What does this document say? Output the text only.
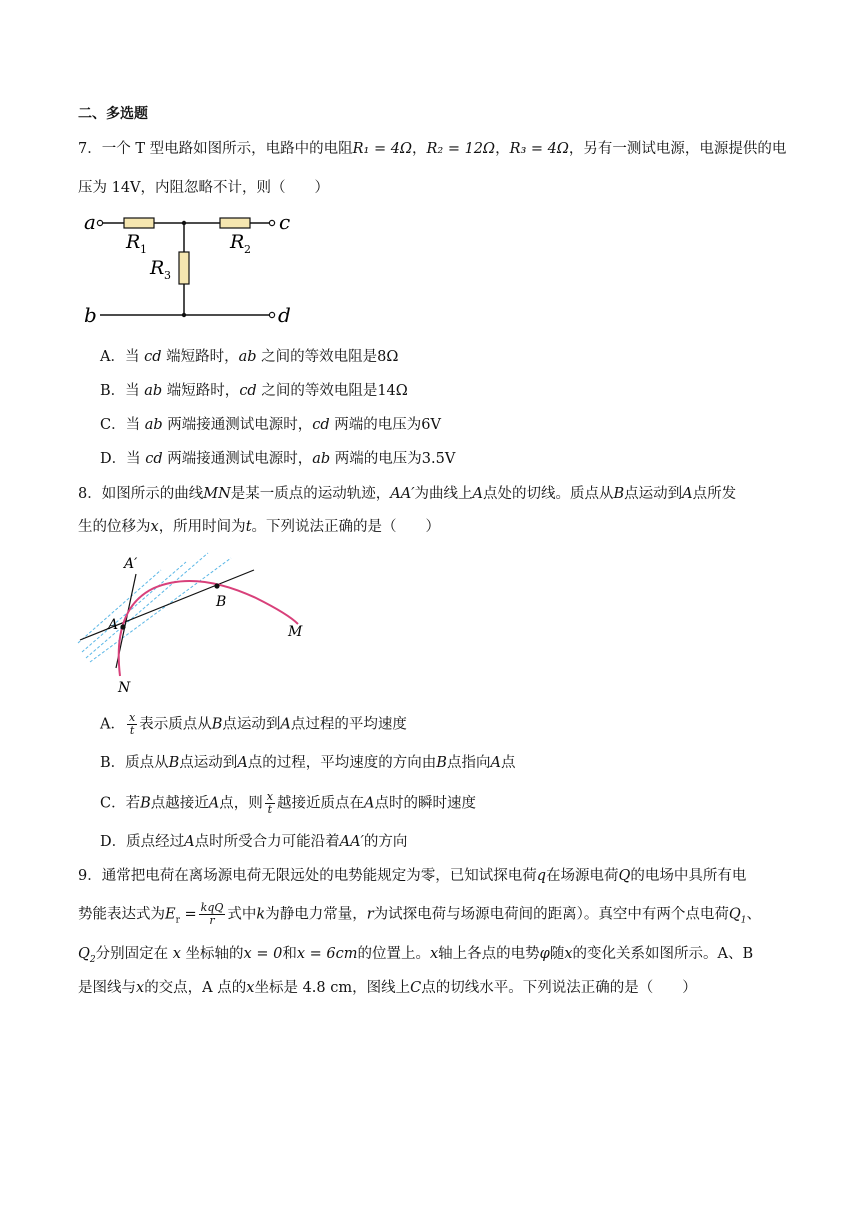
二、多选题
7．一个 T 型电路如图所示，电路中的电阻R₁ = 4Ω，R₂ = 12Ω，R₃ = 4Ω，另有一测试电源，电源提供的电
压为 14V，内阻忽略不计，则（　　）
a
b
c
d
R 1	R 2
R 3
A．当 cd 端短路时，ab 之间的等效电阻是8Ω
B．当 ab 端短路时，cd 之间的等效电阻是14Ω
C．当 ab 两端接通测试电源时，cd 两端的电压为6V
D．当 cd 两端接通测试电源时，ab 两端的电压为3.5V
8．如图所示的曲线MN是某一质点的运动轨迹，AA′为曲线上A点处的切线。质点从B点运动到A点所发
生的位移为x，所用时间为t。下列说法正确的是（　　）
A′
A
B
M
N
A． $\frac{x}{t}$ 表示质点从B点运动到A点过程的平均速度
B．质点从B点运动到A点的过程，平均速度的方向由B点指向A点
C．若B点越接近A点，则 $\frac{x}{t}$ 越接近质点在A点时的瞬时速度
D．质点经过A点时所受合力可能沿着AA′的方向
9．通常把电荷在离场源电荷无限远处的电势能规定为零，已知试探电荷q在场源电荷Q的电场中具所有电
势能表达式为$E_r = \frac{\text{kqQ}}{r}$ 式中k为静电力常量，r为试探电荷与场源电荷间的距离）。真空中有两个点电荷$Q_1$、
$Q_2$分别固定在 x 坐标轴的x = 0和x = 6cm的位置上。x轴上各点的电势φ随x的变化关系如图所示。A、B
是图线与x的交点，A 点的x坐标是 4.8 cm，图线上C点的切线水平。下列说法正确的是（　　）
